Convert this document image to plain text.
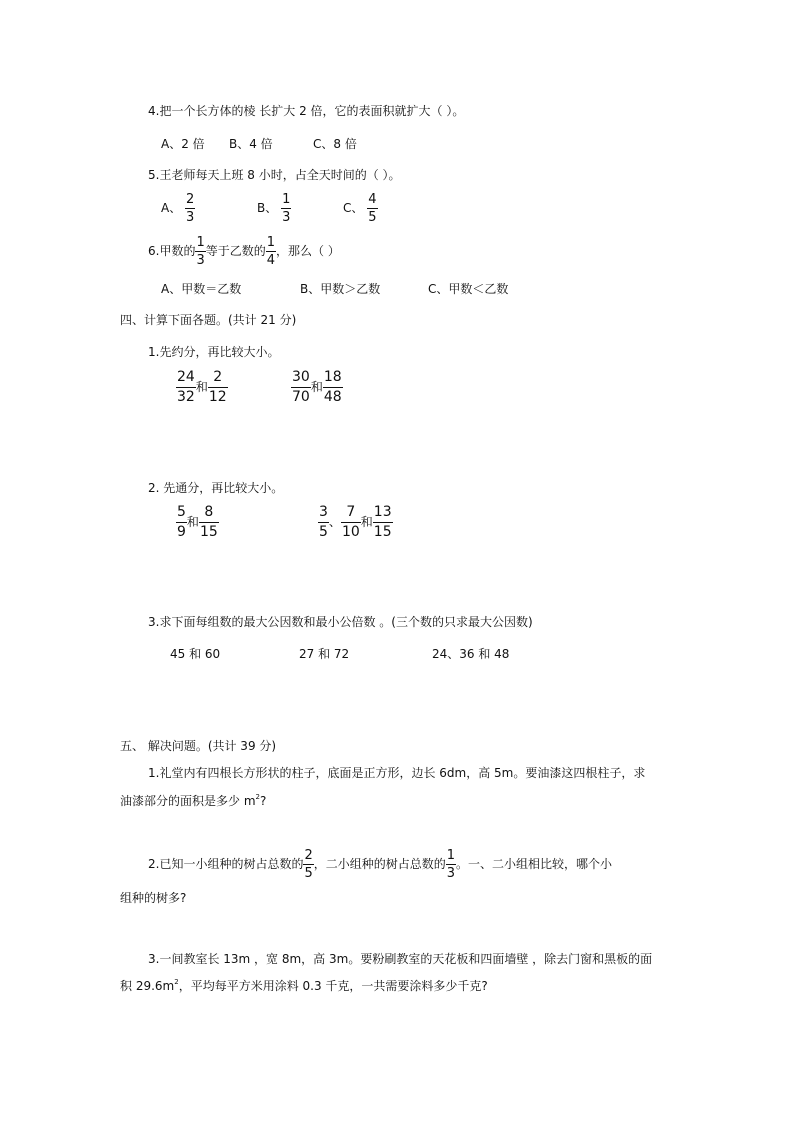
4.把一个长方体的棱 长扩大 2 倍，它的表面积就扩大（ ）。
A、2 倍 B、4 倍	C、8 倍
5.王老师每天上班 8 小时，占全天时间的（ ）。
A、 $\frac{2}{3}$	B、 $\frac{1}{3}$	C、 $\frac{4}{5}$
6.甲数的 $\frac{1}{3}$ 等于乙数的 $\frac{1}{4}$ ，那么（ ）
A、甲数＝乙数	B、甲数＞乙数	C、甲数＜乙数
四、计算下面各题。(共计 21 分)
1.先约分，再比较大小。
$\frac{24}{32}$ 和 $\frac{2}{12}$	$\frac{30}{70}$ 和 $\frac{18}{48}$
2. 先通分，再比较大小。
$\frac{5}{9}$ 和 $\frac{8}{15}$	$\frac{3}{5}$ 、 $\frac{7}{10}$ 和 $\frac{13}{15}$
3.求下面每组数的最大公因数和最小公倍数 。(三个数的只求最大公因数)
45 和 60	27 和 72	24、36 和 48
五、 解决问题。(共计 39 分)
1.礼堂内有四根长方形状的柱子，底面是正方形，边长 6dm，高 5m。要油漆这四根柱子，求
油漆部分的面积是多少 $m^2$?
2.已知一小组种的树占总数的 $\frac{2}{5}$ ，二小组种的树占总数的 $\frac{1}{3}$ 。一、二小组相比较，哪个小
组种的树多?
3.一间教室长 13m ，宽 8m，高 3m。要粉刷教室的天花板和四面墙壁 ，除去门窗和黑板的面
积 $29.6m^2$，平均每平方米用涂料 0.3 千克，一共需要涂料多少千克?
